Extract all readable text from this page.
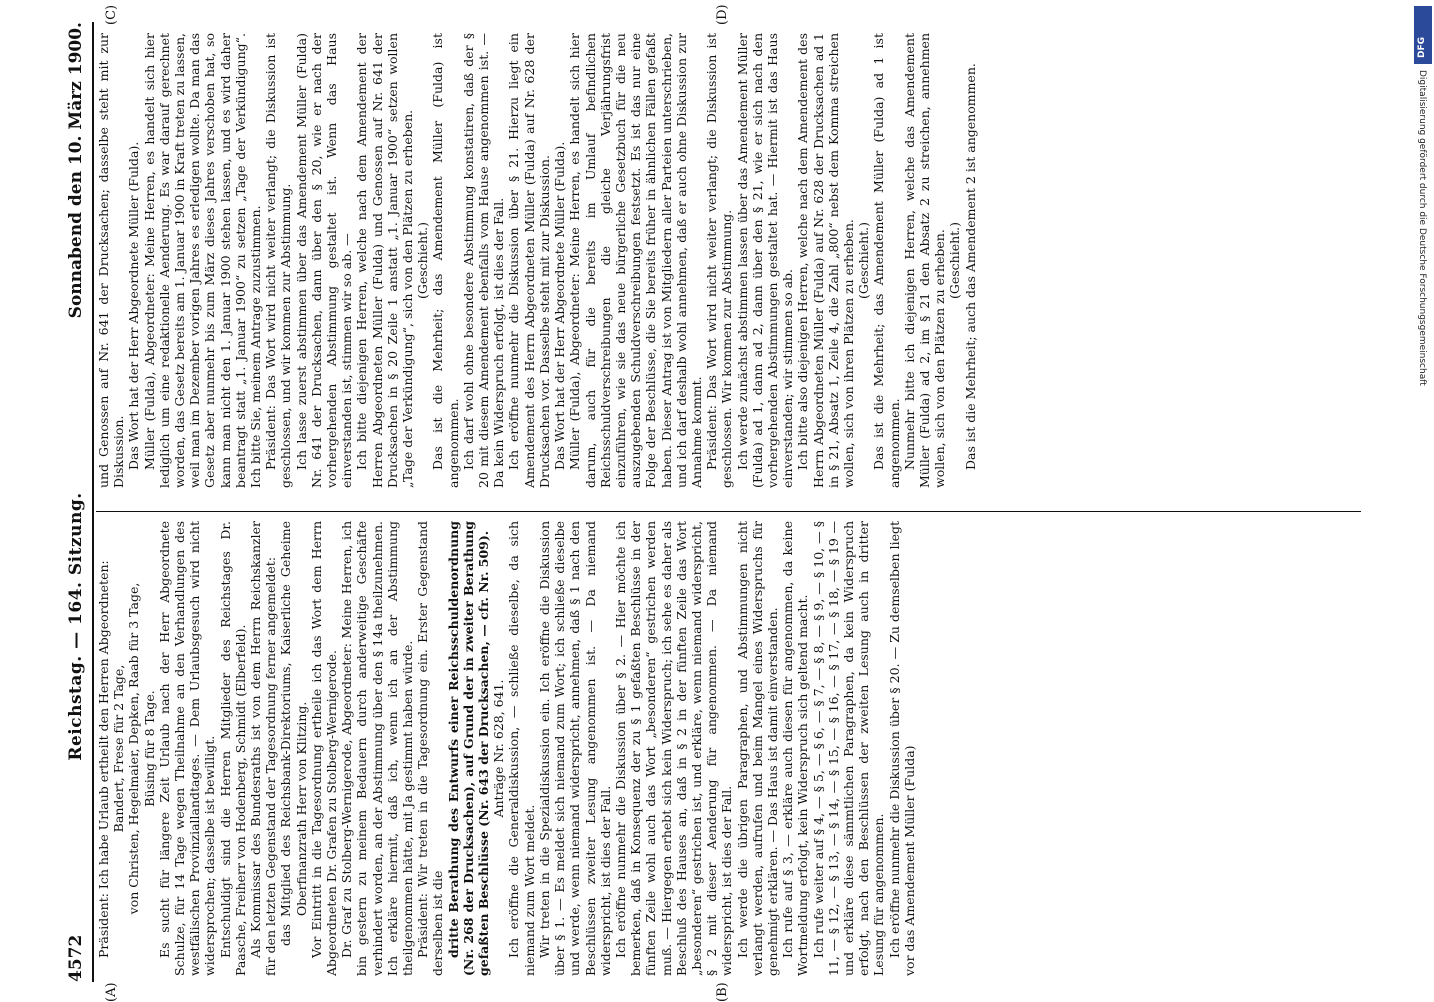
DFG
Digitalisierung gefördert durch die Deutsche Forschungsgemeinschaft
4572
Reichstag. — 164. Sitzung.
Sonnabend den 10. März 1900.
(A)	(B)
(C)	(D)

Präsident: Ich habe Urlaub ertheilt den Herren Abgeordneten: Bandert, Frese für 2 Tage, von Christen, Hegelmaier, Depken, Raab für 3 Tage, Büsing für 8 Tage. Es sucht für längere Zeit Urlaub nach der Herr Abgeordnete Schulze, für 14 Tage wegen Theilnahme an den Verhandlungen des westfälischen Provinziallandtages. — Dem Urlaubsgesuch wird nicht widersprochen; dasselbe ist bewilligt. Entschuldigt sind die Herren Mitglieder des Reichstages Dr. Paasche, Freiherr von Hodenberg, Schmidt (Elberfeld). Als Kommissar des Bundesraths ist von dem Herrn Reichskanzler für den letzten Gegenstand der Tagesordnung ferner angemeldet: das Mitglied des Reichsbank-Direktoriums, Kaiserliche Geheime Oberfinanzrath Herr von Klitzing. Vor Eintritt in die Tagesordnung ertheile ich das Wort dem Herrn Abgeordneten Dr. Grafen zu Stolberg-Wernigerode. Dr. Graf zu Stolberg-Wernigerode, Abgeordneter: Meine Herren, ich bin gestern zu meinem Bedauern durch anderweitige Geschäfte verhindert worden, an der Abstimmung über den § 14a theilzunehmen. Ich erkläre hiermit, daß ich, wenn ich an der Abstimmung theilgenommen hätte, mit Ja gestimmt haben würde. Präsident: Wir treten in die Tagesordnung ein. Erster Gegenstand derselben ist die dritte Berathung des Entwurfs einer Reichsschuldenordnung (Nr. 268 der Drucksachen), auf Grund der in zweiter Berathung gefaßten Beschlüsse (Nr. 643 der Drucksachen, — cfr. Nr. 509). Anträge Nr. 628, 641. Ich eröffne die Generaldiskussion, — schließe dieselbe, da sich niemand zum Wort meldet. Wir treten in die Spezialdiskussion ein. Ich eröffne die Diskussion über § 1. — Es meldet sich niemand zum Wort; ich schließe dieselbe und werde, wenn niemand widerspricht, annehmen, daß § 1 nach den Beschlüssen zweiter Lesung angenommen ist. — Da niemand widerspricht, ist dies der Fall. Ich eröffne nunmehr die Diskussion über § 2. — Hier möchte ich bemerken, daß in Konsequenz der zu § 1 gefaßten Beschlüsse in der fünften Zeile wohl auch das Wort „besonderen“ gestrichen werden muß. — Hiergegen erhebt sich kein Widerspruch; ich sehe es daher als Beschluß des Hauses an, daß in § 2 in der fünften Zeile das Wort „besonderen“ gestrichen ist, und erkläre, wenn niemand widerspricht, § 2 mit dieser Aenderung für angenommen. — Da niemand widerspricht, ist dies der Fall. Ich werde die übrigen Paragraphen, und Abstimmungen nicht verlangt werden, aufrufen und beim Mangel eines Widerspruchs für genehmigt erklären. — Das Haus ist damit einverstanden. Ich rufe auf § 3, — erkläre auch diesen für angenommen, da keine Wortmeldung erfolgt, kein Widerspruch sich geltend macht. Ich rufe weiter auf § 4, — § 5, — § 6, — § 7, — § 8, — § 9, — § 10, — § 11, — § 12, — § 13, — § 14, — § 15, — § 16, — § 17, — § 18, — § 19 — und erkläre diese sämmtlichen Paragraphen, da kein Widerspruch erfolgt, nach den Beschlüssen der zweiten Lesung auch in dritter Lesung für angenommen. Ich eröffne nunmehr die Diskussion über § 20. — Zu demselben liegt vor das Amendement Müller (Fulda)

und Genossen auf Nr. 641 der Drucksachen; dasselbe steht mit zur Diskussion. Das Wort hat der Herr Abgeordnete Müller (Fulda). Müller (Fulda), Abgeordneter: Meine Herren, es handelt sich hier lediglich um eine redaktionelle Aenderung. Es war darauf gerechnet worden, das Gesetz bereits am 1. Januar 1900 in Kraft treten zu lassen, weil man im Dezember vorigen Jahres es erledigen wollte. Da man das Gesetz aber nunmehr bis zum März dieses Jahres verschoben hat, so kann man nicht den 1. Januar 1900 stehen lassen, und es wird daher beantragt statt „1. Januar 1900“ zu setzen „Tage der Verkündigung“. Ich bitte Sie, meinem Antrage zuzustimmen. Präsident: Das Wort wird nicht weiter verlangt; die Diskussion ist geschlossen, und wir kommen zur Abstimmung. Ich lasse zuerst abstimmen über das Amendement Müller (Fulda) Nr. 641 der Drucksachen, dann über den § 20, wie er nach der vorhergehenden Abstimmung gestaltet ist. Wenn das Haus einverstanden ist, stimmen wir so ab. — Ich bitte diejenigen Herren, welche nach dem Amendement der Herren Abgeordneten Müller (Fulda) und Genossen auf Nr. 641 der Drucksachen in § 20 Zeile 1 anstatt „1. Januar 1900“ setzen wollen „Tage der Verkündigung“, sich von den Plätzen zu erheben. (Geschieht.) Das ist die Mehrheit; das Amendement Müller (Fulda) ist angenommen. Ich darf wohl ohne besondere Abstimmung konstatiren, daß der § 20 mit diesem Amendement ebenfalls vom Hause angenommen ist. — Da kein Widerspruch erfolgt, ist dies der Fall. Ich eröffne nunmehr die Diskussion über § 21. Hierzu liegt ein Amendement des Herrn Abgeordneten Müller (Fulda) auf Nr. 628 der Drucksachen vor. Dasselbe steht mit zur Diskussion. Das Wort hat der Herr Abgeordnete Müller (Fulda). Müller (Fulda), Abgeordneter: Meine Herren, es handelt sich hier darum, auch für die bereits im Umlauf befindlichen Reichsschuldverschreibungen die gleiche Verjährungsfrist einzuführen, wie sie das neue bürgerliche Gesetzbuch für die neu auszugebenden Schuldverschreibungen festsetzt. Es ist das nur eine Folge der Beschlüsse, die Sie bereits früher in ähnlichen Fällen gefaßt haben. Dieser Antrag ist von Mitgliedern aller Parteien unterschrieben, und ich darf deshalb wohl annehmen, daß er auch ohne Diskussion zur Annahme kommt. Präsident: Das Wort wird nicht weiter verlangt; die Diskussion ist geschlossen. Wir kommen zur Abstimmung. Ich werde zunächst abstimmen lassen über das Amendement Müller (Fulda) ad 1, dann ad 2, dann über den § 21, wie er sich nach den vorhergehenden Abstimmungen gestaltet hat. — Hiermit ist das Haus einverstanden; wir stimmen so ab. Ich bitte also diejenigen Herren, welche nach dem Amendement des Herrn Abgeordneten Müller (Fulda) auf Nr. 628 der Drucksachen ad 1 in § 21, Absatz 1, Zeile 4, die Zahl „800“ nebst dem Komma streichen wollen, sich von ihren Plätzen zu erheben. (Geschieht.) Das ist die Mehrheit; das Amendement Müller (Fulda) ad 1 ist angenommen. Nunmehr bitte ich diejenigen Herren, welche das Amendement Müller (Fulda) ad 2, im § 21 den Absatz 2 zu streichen, annehmen wollen, sich von den Plätzen zu erheben. (Geschieht.) Das ist die Mehrheit; auch das Amendement 2 ist angenommen.
